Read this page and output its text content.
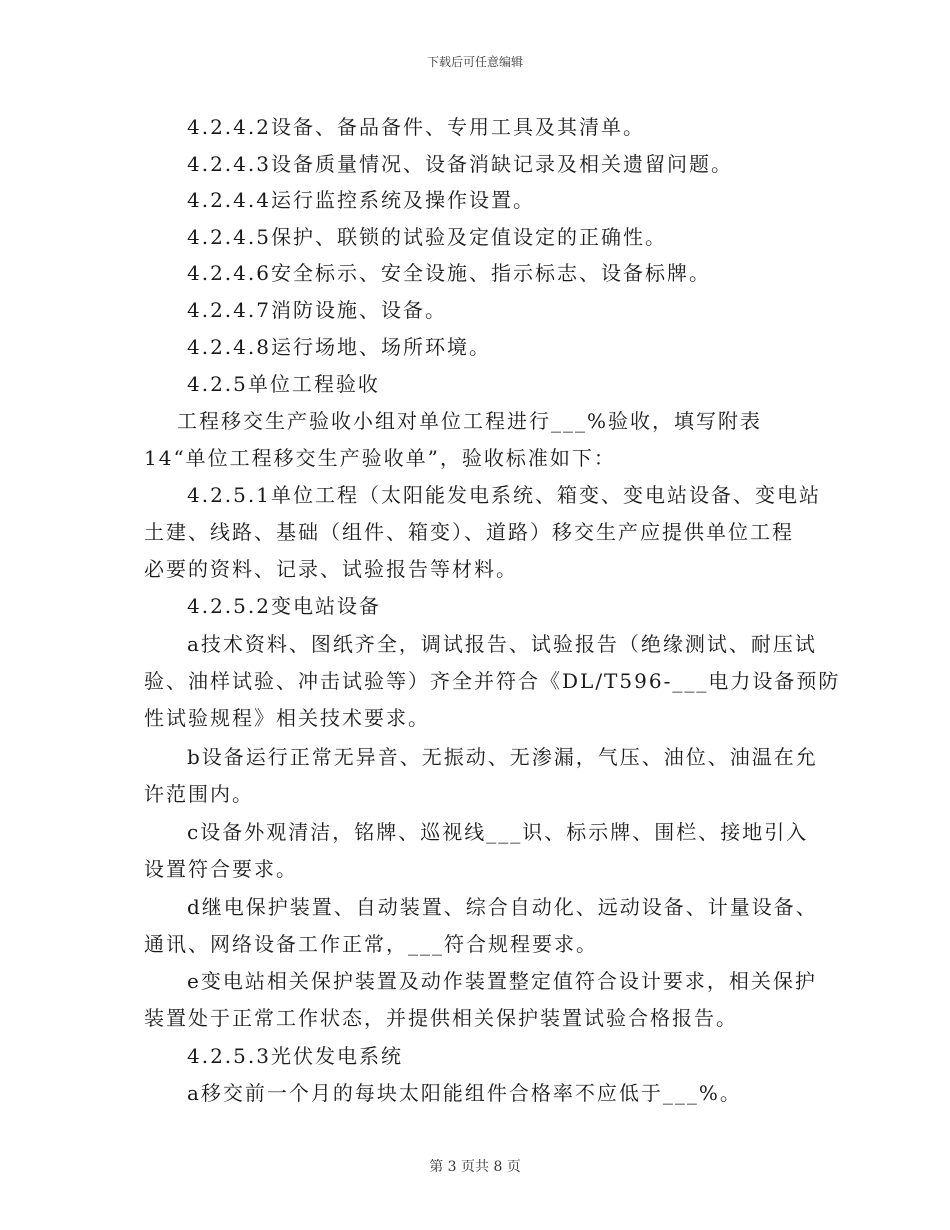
下载后可任意编辑
4.2.4.2设备、备品备件、专用工具及其清单。
4.2.4.3设备质量情况、设备消缺记录及相关遗留问题。
4.2.4.4运行监控系统及操作设置。
4.2.4.5保护、联锁的试验及定值设定的正确性。
4.2.4.6安全标示、安全设施、指示标志、设备标牌。
4.2.4.7消防设施、设备。
4.2.4.8运行场地、场所环境。
4.2.5单位工程验收
工程移交生产验收小组对单位工程进行___%验收，填写附表
14“单位工程移交生产验收单”，验收标准如下：
4.2.5.1单位工程（太阳能发电系统、箱变、变电站设备、变电站
土建、线路、基础（组件、箱变）、道路）移交生产应提供单位工程
必要的资料、记录、试验报告等材料。
4.2.5.2变电站设备
a技术资料、图纸齐全，调试报告、试验报告（绝缘测试、耐压试
验、油样试验、冲击试验等）齐全并符合《DL/T596-___电力设备预防
性试验规程》相关技术要求。
b设备运行正常无异音、无振动、无渗漏，气压、油位、油温在允
许范围内。
c设备外观清洁，铭牌、巡视线___识、标示牌、围栏、接地引入
设置符合要求。
d继电保护装置、自动装置、综合自动化、远动设备、计量设备、
通讯、网络设备工作正常，___符合规程要求。
e变电站相关保护装置及动作装置整定值符合设计要求，相关保护
装置处于正常工作状态，并提供相关保护装置试验合格报告。
4.2.5.3光伏发电系统
a移交前一个月的每块太阳能组件合格率不应低于___%。
第 3 页共 8 页
